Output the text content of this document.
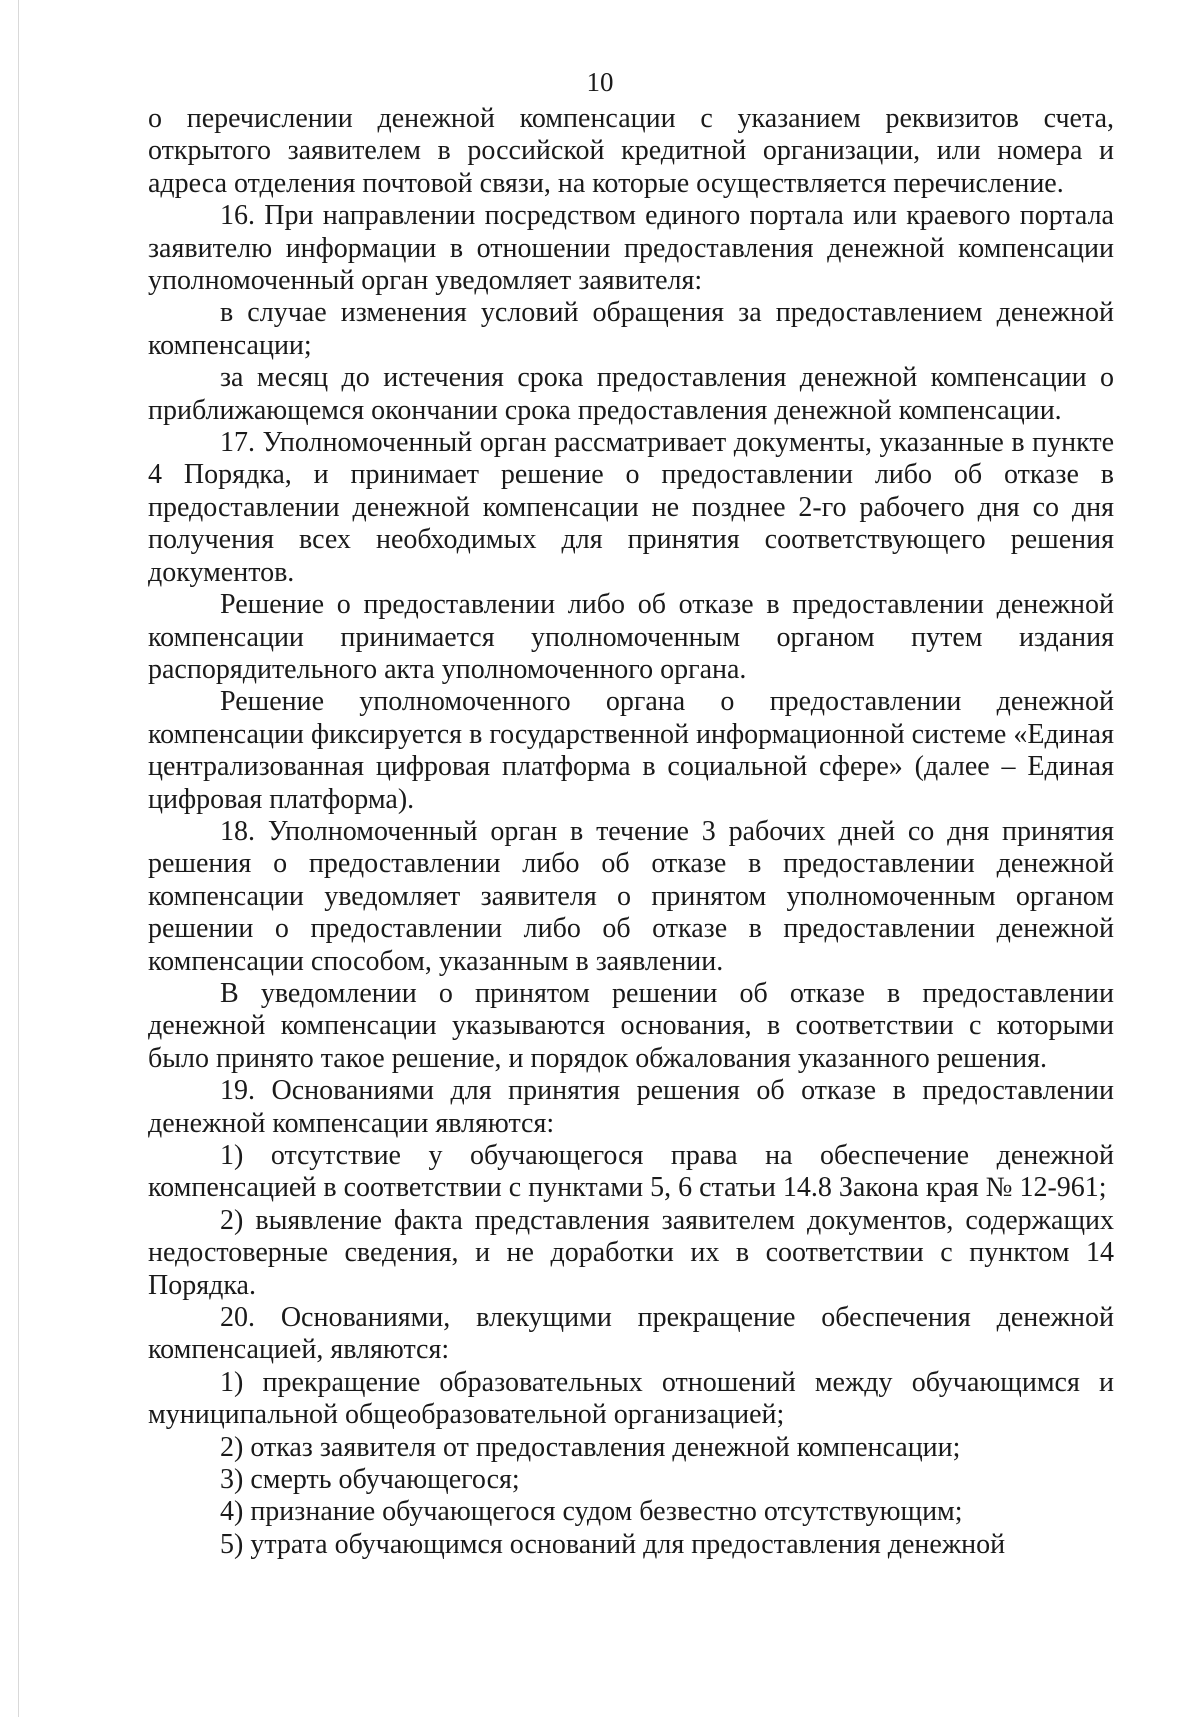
10

о перечислении денежной компенсации с указанием реквизитов счета, открытого заявителем в российской кредитной организации, или номера и адреса отделения почтовой связи, на которые осуществляется перечисление.

16. При направлении посредством единого портала или краевого портала заявителю информации в отношении предоставления денежной компенсации уполномоченный орган уведомляет заявителя:

в случае изменения условий обращения за предоставлением денежной компенсации;

за месяц до истечения срока предоставления денежной компенсации о приближающемся окончании срока предоставления денежной компенсации.

17. Уполномоченный орган рассматривает документы, указанные в пункте 4 Порядка, и принимает решение о предоставлении либо об отказе в предоставлении денежной компенсации не позднее 2-го рабочего дня со дня получения всех необходимых для принятия соответствующего решения документов.

Решение о предоставлении либо об отказе в предоставлении денежной компенсации принимается уполномоченным органом путем издания распорядительного акта уполномоченного органа.

Решение уполномоченного органа о предоставлении денежной компенсации фиксируется в государственной информационной системе «Единая централизованная цифровая платформа в социальной сфере» (далее – Единая цифровая платформа).

18. Уполномоченный орган в течение 3 рабочих дней со дня принятия решения о предоставлении либо об отказе в предоставлении денежной компенсации уведомляет заявителя о принятом уполномоченным органом решении о предоставлении либо об отказе в предоставлении денежной компенсации способом, указанным в заявлении.

В уведомлении о принятом решении об отказе в предоставлении денежной компенсации указываются основания, в соответствии с которыми было принято такое решение, и порядок обжалования указанного решения.

19. Основаниями для принятия решения об отказе в предоставлении денежной компенсации являются:

1) отсутствие у обучающегося права на обеспечение денежной компенсацией в соответствии с пунктами 5, 6 статьи 14.8 Закона края № 12-961;

2) выявление факта представления заявителем документов, содержащих недостоверные сведения, и не доработки их в соответствии с пунктом 14 Порядка.

20. Основаниями, влекущими прекращение обеспечения денежной компенсацией, являются:

1) прекращение образовательных отношений между обучающимся и муниципальной общеобразовательной организацией;

2) отказ заявителя от предоставления денежной компенсации;

3) смерть обучающегося;

4) признание обучающегося судом безвестно отсутствующим;

5) утрата обучающимся оснований для предоставления денежной
